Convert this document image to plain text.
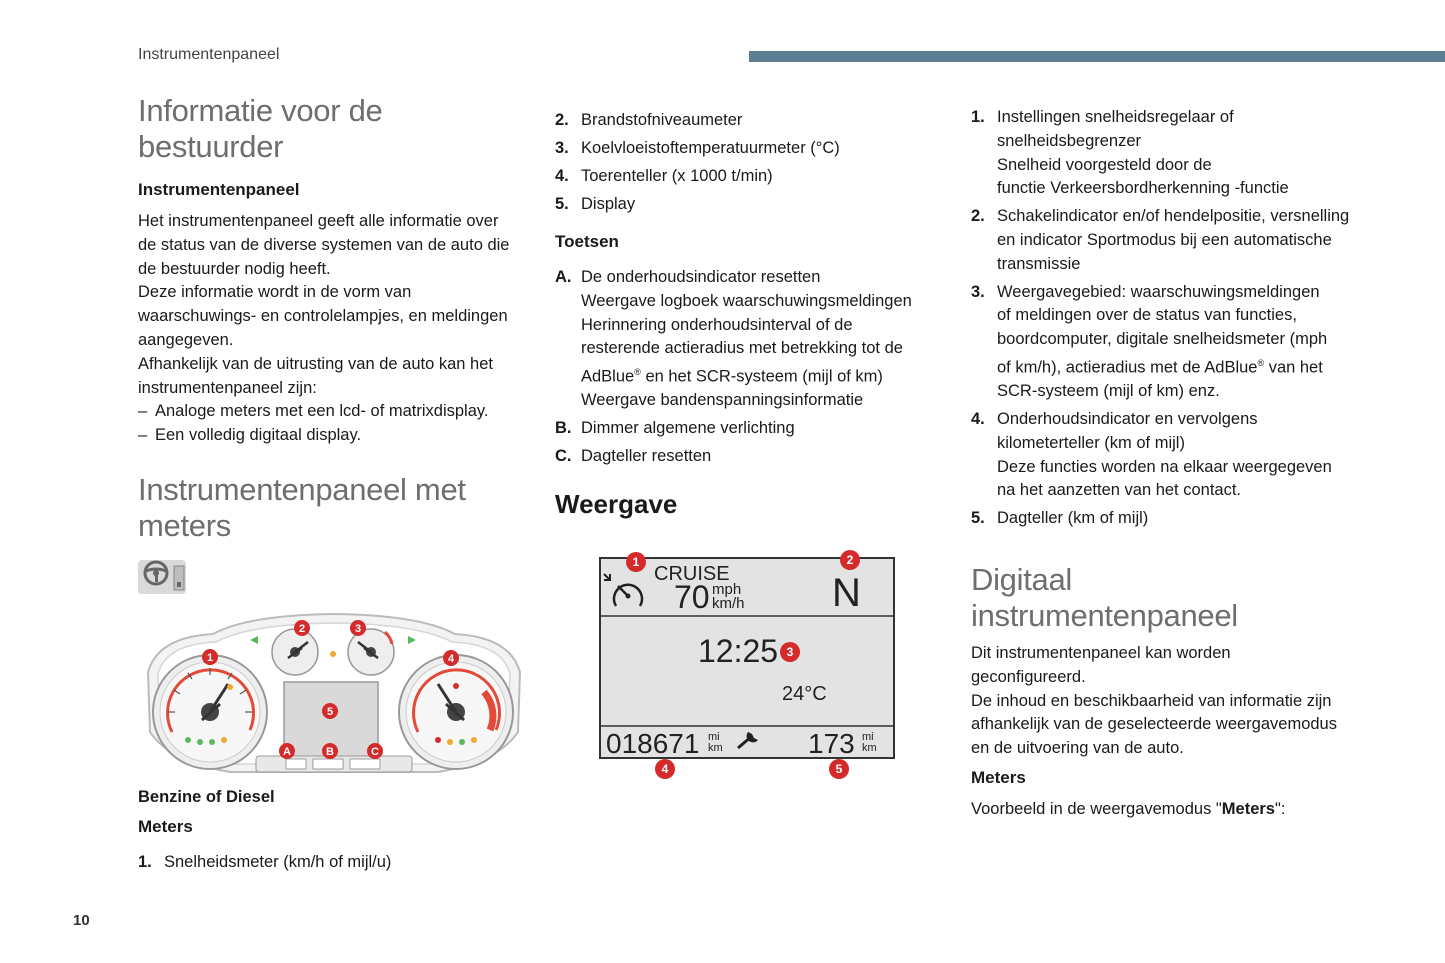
Instrumentenpaneel
10
Informatie voor de
bestuurder
Instrumentenpaneel

Het instrumentenpaneel geeft alle informatie over

de status van de diverse systemen van de auto die

de bestuurder nodig heeft.

Deze informatie wordt in de vorm van

waarschuwings- en controlelampjes, en meldingen

aangegeven.

Afhankelijk van de uitrusting van de auto kan het

instrumentenpaneel zijn:

– Analoge meters met een lcd- of matrixdisplay.
– Een volledig digitaal display.
Instrumentenpaneel met
meters
1
2	3
4
5
A	B	C
Benzine of Diesel
Meters
1. Snelheidsmeter (km/h of mijl/u)
2. Brandstofniveaumeter
3. Koelvloeistoftemperatuurmeter (°C)
4. Toerenteller (x 1000 t/min)
5. Display
Toetsen
A. De onderhoudsindicator resetten
Weergave logboek waarschuwingsmeldingen
Herinnering onderhoudsinterval of de
resterende actieradius met betrekking tot de
AdBlue® en het SCR-systeem (mijl of km)
Weergave bandenspanningsinformatie
B. Dimmer algemene verlichting
C. Dagteller resetten
Weergave
CRUISE
70 mph
km/h N
12:25
24°C
018671 mi
km	173 mi
km
1	2
3
4	5
1. Instellingen snelheidsregelaar of
snelheidsbegrenzer
Snelheid voorgesteld door de
functie Verkeersbordherkenning -functie
2. Schakelindicator en/of hendelpositie, versnelling
en indicator Sportmodus bij een automatische
transmissie
3. Weergavegebied: waarschuwingsmeldingen
of meldingen over de status van functies,
boordcomputer, digitale snelheidsmeter (mph
of km/h), actieradius met de AdBlue® van het
SCR-systeem (mijl of km) enz.
4. Onderhoudsindicator en vervolgens
kilometerteller (km of mijl)
Deze functies worden na elkaar weergegeven
na het aanzetten van het contact.
5. Dagteller (km of mijl)
Digitaal
instrumentenpaneel

Dit instrumentenpaneel kan worden

geconfigureerd.

De inhoud en beschikbaarheid van informatie zijn

afhankelijk van de geselecteerde weergavemodus

en de uitvoering van de auto.

Meters
Voorbeeld in de weergavemodus "Meters":
